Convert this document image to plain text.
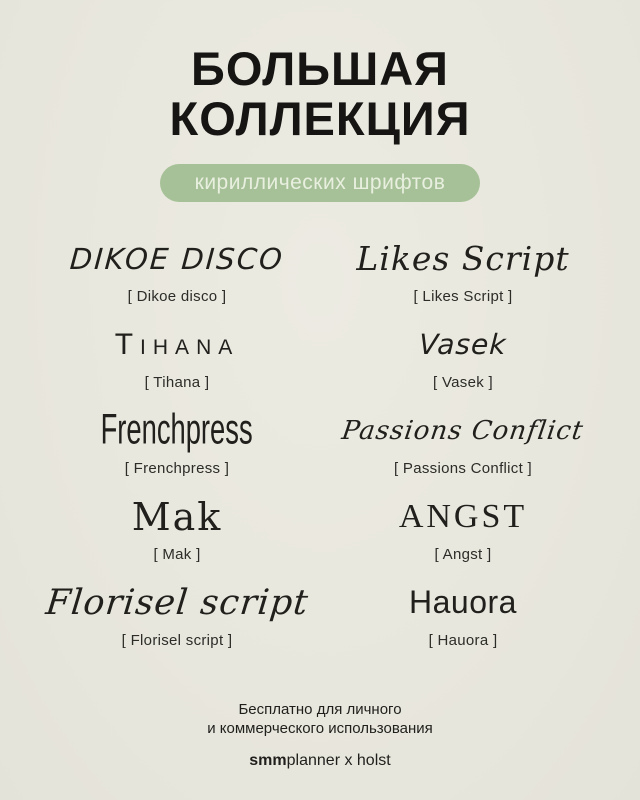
БОЛЬШАЯ
КОЛЛЕКЦИЯ
кириллических шрифтов
DIKOE DISCO
[ Dikoe disco ]
Likes Script
[ Likes Script ]
Tihana
[ Tihana ]
Vasek
[ Vasek ]
Frenchpress
[ Frenchpress ]
Passions Conflict
[ Passions Conflict ]
Mak
[ Mak ]
ANGST
[ Angst ]
Florisel script
[ Florisel script ]
Hauora
[ Hauora ]
Бесплатно для личного
и коммерческого использования
smmplanner x holst
